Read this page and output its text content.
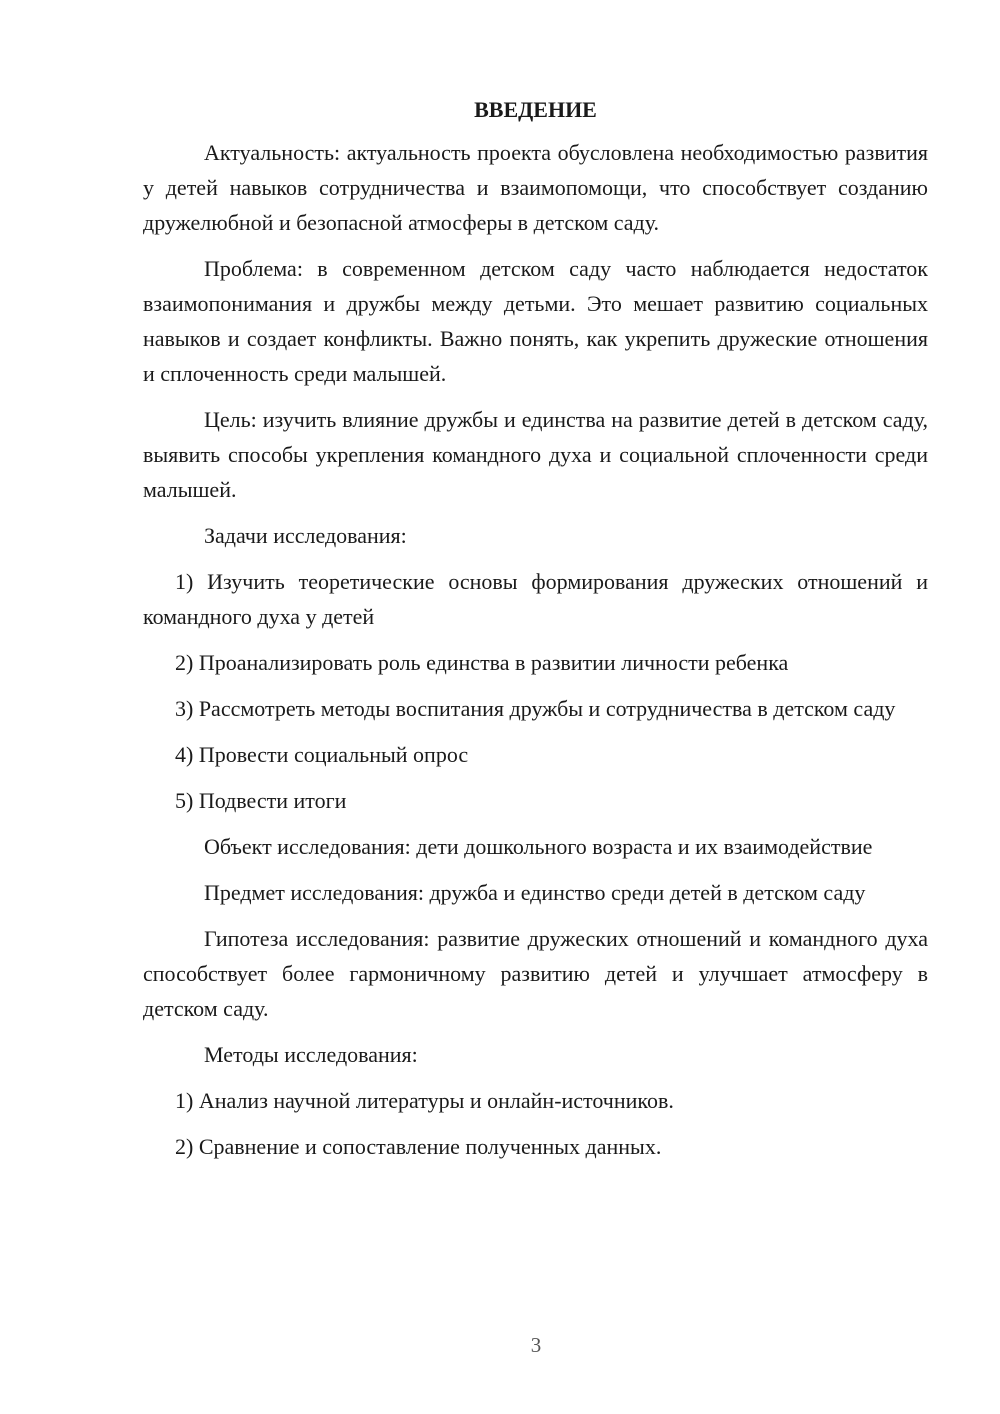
ВВЕДЕНИЕ
Актуальность: актуальность проекта обусловлена необходимостью развития у детей навыков сотрудничества и взаимопомощи, что способствует созданию дружелюбной и безопасной атмосферы в детском саду.
Проблема: в современном детском саду часто наблюдается недостаток взаимопонимания и дружбы между детьми. Это мешает развитию социальных навыков и создает конфликты. Важно понять, как укрепить дружеские отношения и сплоченность среди малышей.
Цель: изучить влияние дружбы и единства на развитие детей в детском саду, выявить способы укрепления командного духа и социальной сплоченности среди малышей.
Задачи исследования:
1) Изучить теоретические основы формирования дружеских отношений и командного духа у детей
2) Проанализировать роль единства в развитии личности ребенка
3) Рассмотреть методы воспитания дружбы и сотрудничества в детском саду
4) Провести социальный опрос
5) Подвести итоги
Объект исследования: дети дошкольного возраста и их взаимодействие
Предмет исследования: дружба и единство среди детей в детском саду
Гипотеза исследования: развитие дружеских отношений и командного духа способствует более гармоничному развитию детей и улучшает атмосферу в детском саду.
Методы исследования:
1) Анализ научной литературы и онлайн-источников.
2) Сравнение и сопоставление полученных данных.
3
